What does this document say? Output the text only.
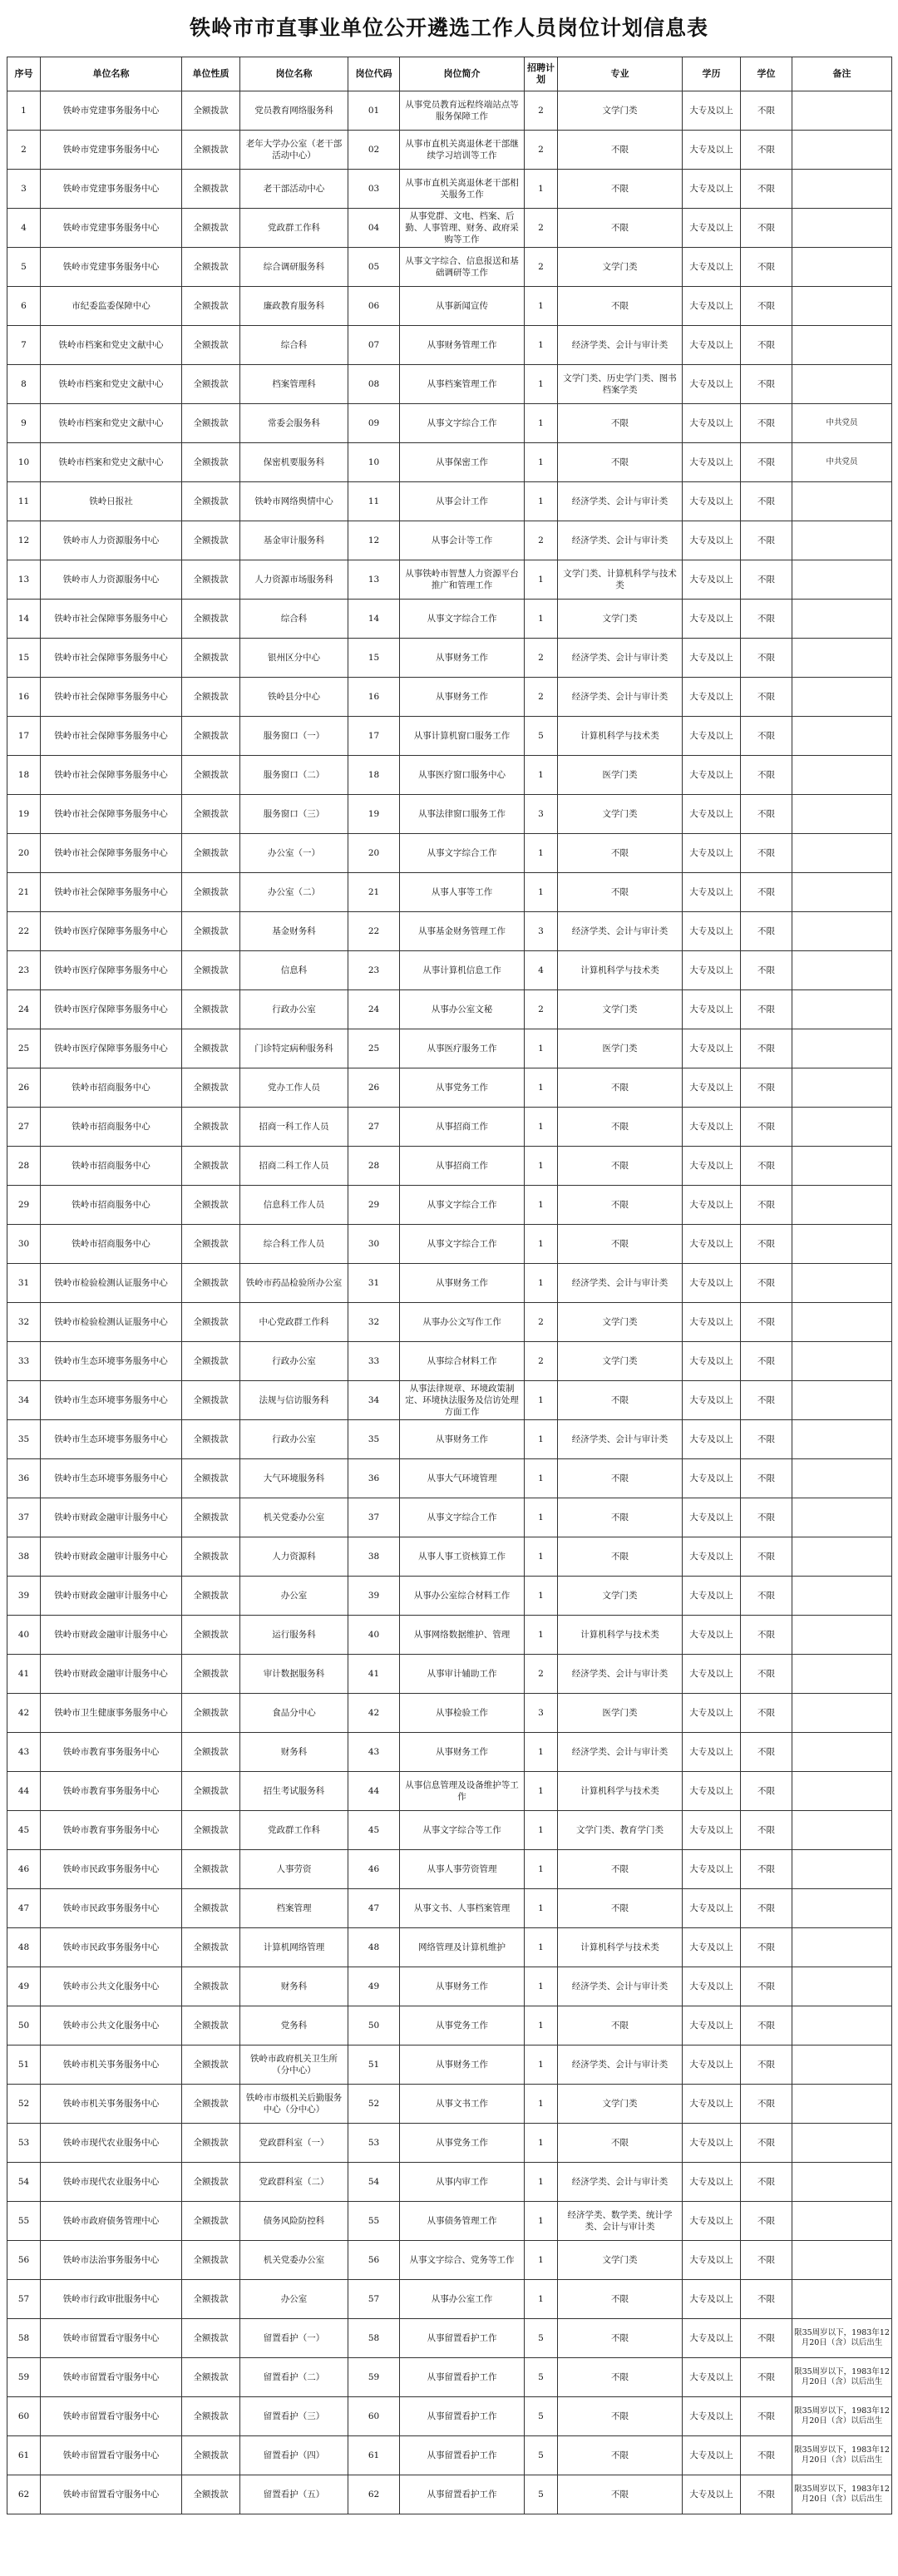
铁岭市市直事业单位公开遴选工作人员岗位计划信息表
序号	单位名称	单位性质	岗位名称	岗位代码	岗位简介	招聘计划	专业	学历	学位	备注
1	铁岭市党建事务服务中心	全额拨款	党员教育网络服务科	01	从事党员教育远程终端站点等服务保障工作	2	文学门类	大专及以上	不限	
2	铁岭市党建事务服务中心	全额拨款	老年大学办公室（老干部活动中心）	02	从事市直机关离退休老干部继续学习培训等工作	2	不限	大专及以上	不限	
3	铁岭市党建事务服务中心	全额拨款	老干部活动中心	03	从事市直机关离退休老干部相关服务工作	1	不限	大专及以上	不限	
4	铁岭市党建事务服务中心	全额拨款	党政群工作科	04	从事党群、文电、档案、后勤、人事管理、财务、政府采购等工作	2	不限	大专及以上	不限	
5	铁岭市党建事务服务中心	全额拨款	综合调研服务科	05	从事文字综合、信息报送和基础调研等工作	2	文学门类	大专及以上	不限	
6	市纪委监委保障中心	全额拨款	廉政教育服务科	06	从事新闻宣传	1	不限	大专及以上	不限	
7	铁岭市档案和党史文献中心	全额拨款	综合科	07	从事财务管理工作	1	经济学类、会计与审计类	大专及以上	不限	
8	铁岭市档案和党史文献中心	全额拨款	档案管理科	08	从事档案管理工作	1	文学门类、历史学门类、图书档案学类	大专及以上	不限	
9	铁岭市档案和党史文献中心	全额拨款	常委会服务科	09	从事文字综合工作	1	不限	大专及以上	不限	中共党员
10	铁岭市档案和党史文献中心	全额拨款	保密机要服务科	10	从事保密工作	1	不限	大专及以上	不限	中共党员
11	铁岭日报社	全额拨款	铁岭市网络舆情中心	11	从事会计工作	1	经济学类、会计与审计类	大专及以上	不限	
12	铁岭市人力资源服务中心	全额拨款	基金审计服务科	12	从事会计等工作	2	经济学类、会计与审计类	大专及以上	不限	
13	铁岭市人力资源服务中心	全额拨款	人力资源市场服务科	13	从事铁岭市智慧人力资源平台推广和管理工作	1	文学门类、计算机科学与技术类	大专及以上	不限	
14	铁岭市社会保障事务服务中心	全额拨款	综合科	14	从事文字综合工作	1	文学门类	大专及以上	不限	
15	铁岭市社会保障事务服务中心	全额拨款	银州区分中心	15	从事财务工作	2	经济学类、会计与审计类	大专及以上	不限	
16	铁岭市社会保障事务服务中心	全额拨款	铁岭县分中心	16	从事财务工作	2	经济学类、会计与审计类	大专及以上	不限	
17	铁岭市社会保障事务服务中心	全额拨款	服务窗口（一）	17	从事计算机窗口服务工作	5	计算机科学与技术类	大专及以上	不限	
18	铁岭市社会保障事务服务中心	全额拨款	服务窗口（二）	18	从事医疗窗口服务中心	1	医学门类	大专及以上	不限	
19	铁岭市社会保障事务服务中心	全额拨款	服务窗口（三）	19	从事法律窗口服务工作	3	文学门类	大专及以上	不限	
20	铁岭市社会保障事务服务中心	全额拨款	办公室（一）	20	从事文字综合工作	1	不限	大专及以上	不限	
21	铁岭市社会保障事务服务中心	全额拨款	办公室（二）	21	从事人事等工作	1	不限	大专及以上	不限	
22	铁岭市医疗保障事务服务中心	全额拨款	基金财务科	22	从事基金财务管理工作	3	经济学类、会计与审计类	大专及以上	不限	
23	铁岭市医疗保障事务服务中心	全额拨款	信息科	23	从事计算机信息工作	4	计算机科学与技术类	大专及以上	不限	
24	铁岭市医疗保障事务服务中心	全额拨款	行政办公室	24	从事办公室文秘	2	文学门类	大专及以上	不限	
25	铁岭市医疗保障事务服务中心	全额拨款	门诊特定病种服务科	25	从事医疗服务工作	1	医学门类	大专及以上	不限	
26	铁岭市招商服务中心	全额拨款	党办工作人员	26	从事党务工作	1	不限	大专及以上	不限	
27	铁岭市招商服务中心	全额拨款	招商一科工作人员	27	从事招商工作	1	不限	大专及以上	不限	
28	铁岭市招商服务中心	全额拨款	招商二科工作人员	28	从事招商工作	1	不限	大专及以上	不限	
29	铁岭市招商服务中心	全额拨款	信息科工作人员	29	从事文字综合工作	1	不限	大专及以上	不限	
30	铁岭市招商服务中心	全额拨款	综合科工作人员	30	从事文字综合工作	1	不限	大专及以上	不限	
31	铁岭市检验检测认证服务中心	全额拨款	铁岭市药品检验所办公室	31	从事财务工作	1	经济学类、会计与审计类	大专及以上	不限	
32	铁岭市检验检测认证服务中心	全额拨款	中心党政群工作科	32	从事办公文写作工作	2	文学门类	大专及以上	不限	
33	铁岭市生态环境事务服务中心	全额拨款	行政办公室	33	从事综合材料工作	2	文学门类	大专及以上	不限	
34	铁岭市生态环境事务服务中心	全额拨款	法规与信访服务科	34	从事法律规章、环境政策制定、环境执法服务及信访处理方面工作	1	不限	大专及以上	不限	
35	铁岭市生态环境事务服务中心	全额拨款	行政办公室	35	从事财务工作	1	经济学类、会计与审计类	大专及以上	不限	
36	铁岭市生态环境事务服务中心	全额拨款	大气环境服务科	36	从事大气环境管理	1	不限	大专及以上	不限	
37	铁岭市财政金融审计服务中心	全额拨款	机关党委办公室	37	从事文字综合工作	1	不限	大专及以上	不限	
38	铁岭市财政金融审计服务中心	全额拨款	人力资源科	38	从事人事工资核算工作	1	不限	大专及以上	不限	
39	铁岭市财政金融审计服务中心	全额拨款	办公室	39	从事办公室综合材料工作	1	文学门类	大专及以上	不限	
40	铁岭市财政金融审计服务中心	全额拨款	运行服务科	40	从事网络数据维护、管理	1	计算机科学与技术类	大专及以上	不限	
41	铁岭市财政金融审计服务中心	全额拨款	审计数据服务科	41	从事审计辅助工作	2	经济学类、会计与审计类	大专及以上	不限	
42	铁岭市卫生健康事务服务中心	全额拨款	食品分中心	42	从事检验工作	3	医学门类	大专及以上	不限	
43	铁岭市教育事务服务中心	全额拨款	财务科	43	从事财务工作	1	经济学类、会计与审计类	大专及以上	不限	
44	铁岭市教育事务服务中心	全额拨款	招生考试服务科	44	从事信息管理及设备维护等工作	1	计算机科学与技术类	大专及以上	不限	
45	铁岭市教育事务服务中心	全额拨款	党政群工作科	45	从事文字综合等工作	1	文学门类、教育学门类	大专及以上	不限	
46	铁岭市民政事务服务中心	全额拨款	人事劳资	46	从事人事劳资管理	1	不限	大专及以上	不限	
47	铁岭市民政事务服务中心	全额拨款	档案管理	47	从事文书、人事档案管理	1	不限	大专及以上	不限	
48	铁岭市民政事务服务中心	全额拨款	计算机网络管理	48	网络管理及计算机维护	1	计算机科学与技术类	大专及以上	不限	
49	铁岭市公共文化服务中心	全额拨款	财务科	49	从事财务工作	1	经济学类、会计与审计类	大专及以上	不限	
50	铁岭市公共文化服务中心	全额拨款	党务科	50	从事党务工作	1	不限	大专及以上	不限	
51	铁岭市机关事务服务中心	全额拨款	铁岭市政府机关卫生所（分中心）	51	从事财务工作	1	经济学类、会计与审计类	大专及以上	不限	
52	铁岭市机关事务服务中心	全额拨款	铁岭市市级机关后勤服务中心（分中心）	52	从事文书工作	1	文学门类	大专及以上	不限	
53	铁岭市现代农业服务中心	全额拨款	党政群科室（一）	53	从事党务工作	1	不限	大专及以上	不限	
54	铁岭市现代农业服务中心	全额拨款	党政群科室（二）	54	从事内审工作	1	经济学类、会计与审计类	大专及以上	不限	
55	铁岭市政府债务管理中心	全额拨款	债务风险防控科	55	从事债务管理工作	1	经济学类、数学类、统计学类、会计与审计类	大专及以上	不限	
56	铁岭市法治事务服务中心	全额拨款	机关党委办公室	56	从事文字综合、党务等工作	1	文学门类	大专及以上	不限	
57	铁岭市行政审批服务中心	全额拨款	办公室	57	从事办公室工作	1	不限	大专及以上	不限	
58	铁岭市留置看守服务中心	全额拨款	留置看护（一）	58	从事留置看护工作	5	不限	大专及以上	不限	限35周岁以下，1983年12月20日（含）以后出生
59	铁岭市留置看守服务中心	全额拨款	留置看护（二）	59	从事留置看护工作	5	不限	大专及以上	不限	限35周岁以下，1983年12月20日（含）以后出生
60	铁岭市留置看守服务中心	全额拨款	留置看护（三）	60	从事留置看护工作	5	不限	大专及以上	不限	限35周岁以下，1983年12月20日（含）以后出生
61	铁岭市留置看守服务中心	全额拨款	留置看护（四）	61	从事留置看护工作	5	不限	大专及以上	不限	限35周岁以下，1983年12月20日（含）以后出生
62	铁岭市留置看守服务中心	全额拨款	留置看护（五）	62	从事留置看护工作	5	不限	大专及以上	不限	限35周岁以下，1983年12月20日（含）以后出生
